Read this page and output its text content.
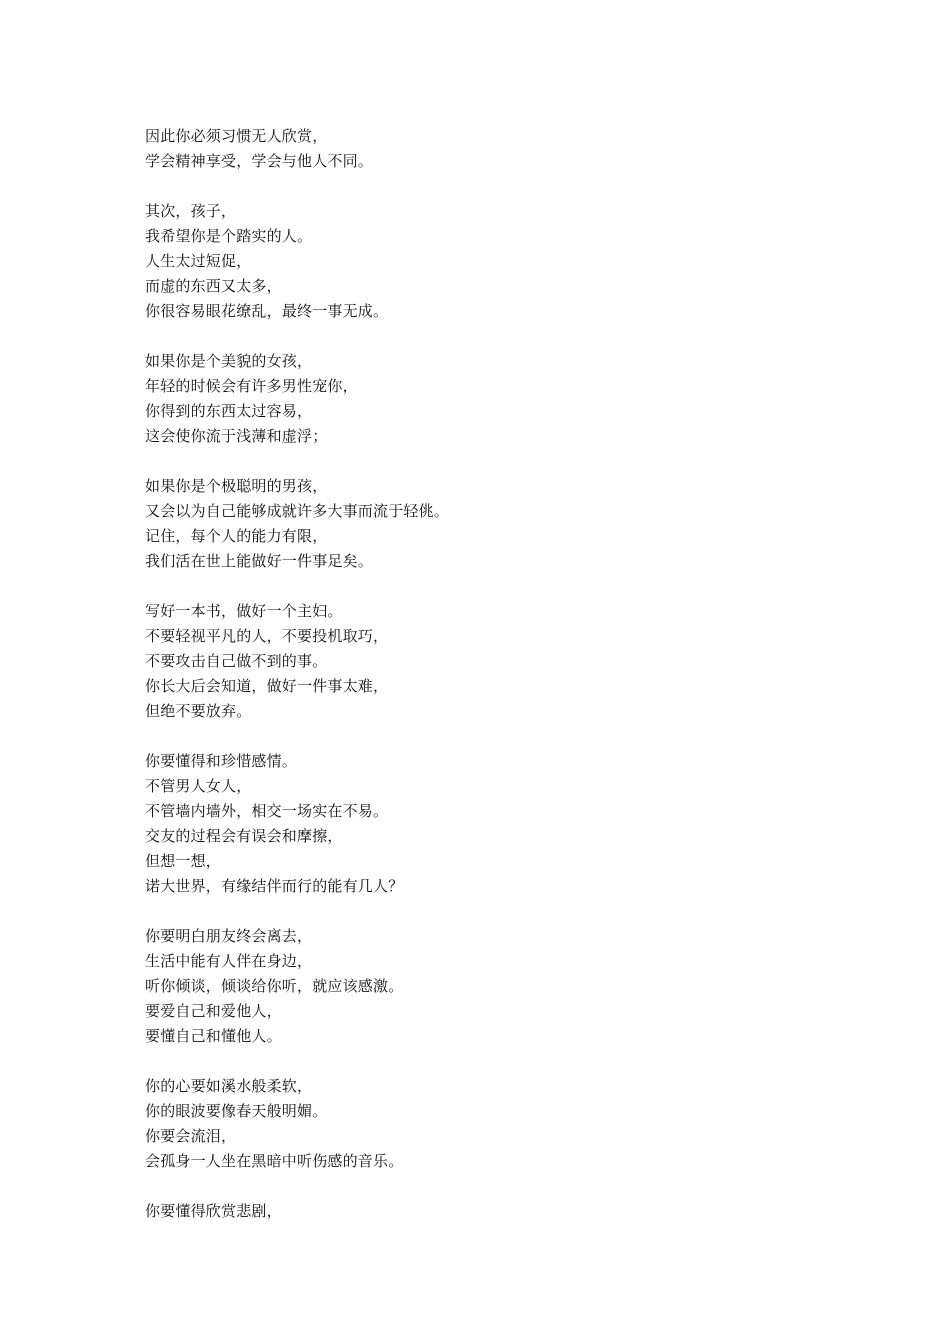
因此你必须习惯无人欣赏，
学会精神享受，学会与他人不同。
其次，孩子，
我希望你是个踏实的人。
人生太过短促，
而虚的东西又太多，
你很容易眼花缭乱，最终一事无成。
如果你是个美貌的女孩，
年轻的时候会有许多男性宠你，
你得到的东西太过容易，
这会使你流于浅薄和虚浮；
如果你是个极聪明的男孩，
又会以为自己能够成就许多大事而流于轻佻。
记住，每个人的能力有限，
我们活在世上能做好一件事足矣。
写好一本书，做好一个主妇。
不要轻视平凡的人，不要投机取巧，
不要攻击自己做不到的事。
你长大后会知道，做好一件事太难，
但绝不要放弃。
你要懂得和珍惜感情。
不管男人女人，
不管墙内墙外，相交一场实在不易。
交友的过程会有误会和摩擦，
但想一想，
诺大世界，有缘结伴而行的能有几人？
你要明白朋友终会离去，
生活中能有人伴在身边，
听你倾谈，倾谈给你听，就应该感激。
要爱自己和爱他人，
要懂自己和懂他人。
你的心要如溪水般柔软，
你的眼波要像春天般明媚。
你要会流泪，
会孤身一人坐在黑暗中听伤感的音乐。
你要懂得欣赏悲剧，
